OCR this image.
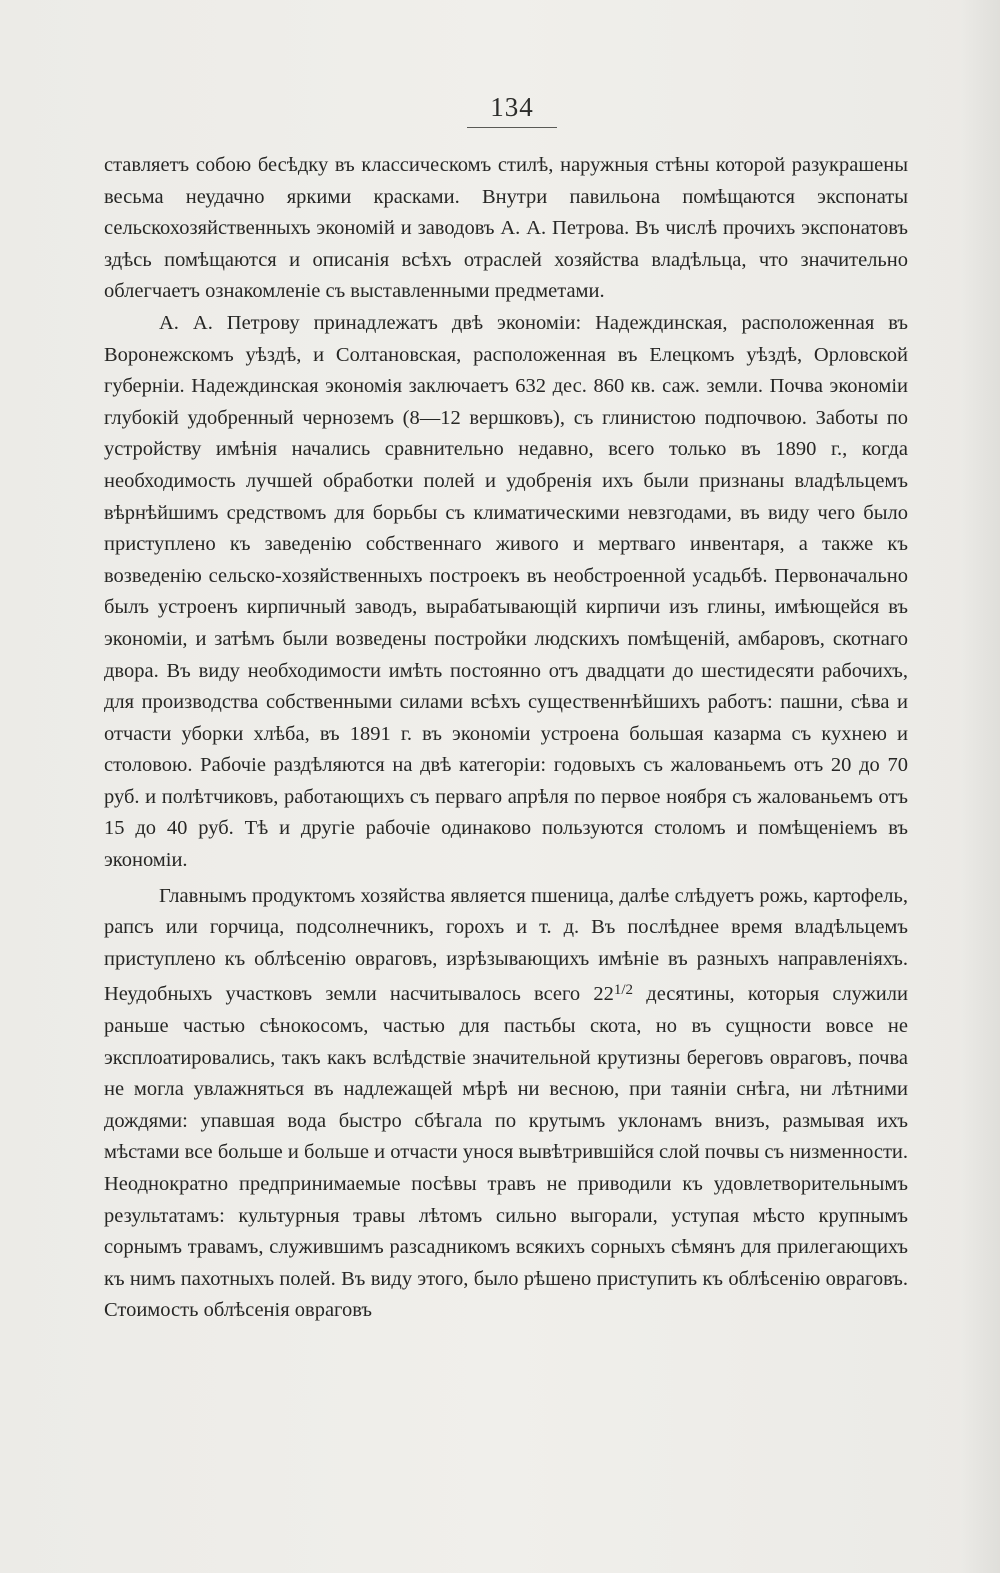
134

ставляетъ собою бесѣдку въ классическомъ стилѣ, наружныя стѣны которой разукрашены весьма неудачно яркими красками. Внутри павильона помѣщаются экспонаты сельскохозяйственныхъ экономій и заводовъ А. А. Петрова. Въ числѣ прочихъ экспонатовъ здѣсь помѣщаются и описанія всѣхъ отраслей хозяйства владѣльца, что значительно облегчаетъ ознакомленіе съ выставленными предметами.

А. А. Петрову принадлежатъ двѣ экономіи: Надеждинская, расположенная въ Воронежскомъ уѣздѣ, и Солтановская, расположенная въ Елецкомъ уѣздѣ, Орловской губерніи. Надеждинская экономія заключаетъ 632 дес. 860 кв. саж. земли. Почва экономіи глубокій удобренный черноземъ (8—12 вершковъ), съ глинистою подпочвою. Заботы по устройству имѣнія начались сравнительно недавно, всего только въ 1890 г., когда необходимость лучшей обработки полей и удобренія ихъ были признаны владѣльцемъ вѣрнѣйшимъ средствомъ для борьбы съ климатическими невзгодами, въ виду чего было приступлено къ заведенію собственнаго живого и мертваго инвентаря, а также къ возведенію сельско-хозяйственныхъ построекъ въ необстроенной усадьбѣ. Первоначально былъ устроенъ кирпичный заводъ, вырабатывающій кирпичи изъ глины, имѣющейся въ экономіи, и затѣмъ были возведены постройки людскихъ помѣщеній, амбаровъ, скотнаго двора. Въ виду необходимости имѣть постоянно отъ двадцати до шестидесяти рабочихъ, для производства собственными силами всѣхъ существеннѣйшихъ работъ: пашни, сѣва и отчасти уборки хлѣба, въ 1891 г. въ экономіи устроена большая казарма съ кухнею и столовою. Рабочіе раздѣляются на двѣ категоріи: годовыхъ съ жалованьемъ отъ 20 до 70 руб. и полѣтчиковъ, работающихъ съ перваго апрѣля по первое ноября съ жалованьемъ отъ 15 до 40 руб. Тѣ и другіе рабочіе одинаково пользуются столомъ и помѣщеніемъ въ экономіи.

Главнымъ продуктомъ хозяйства является пшеница, далѣе слѣдуетъ рожь, картофель, рапсъ или горчица, подсолнечникъ, горохъ и т. д. Въ послѣднее время владѣльцемъ приступлено къ облѣсенію овраговъ, изрѣзывающихъ имѣніе въ разныхъ направленіяхъ. Неудобныхъ участковъ земли насчитывалось всего $22^{1/2}$ десятины, которыя служили раньше частью сѣнокосомъ, частью для пастьбы скота, но въ сущности вовсе не эксплоатировались, такъ какъ вслѣдствіе значительной крутизны береговъ овраговъ, почва не могла увлажняться въ надлежащей мѣрѣ ни весною, при таяніи снѣга, ни лѣтними дождями: упавшая вода быстро сбѣгала по крутымъ уклонамъ внизъ, размывая ихъ мѣстами все больше и больше и отчасти унося вывѣтрившійся слой почвы съ низменности. Неоднократно предпринимаемые посѣвы травъ не приводили къ удовлетворительнымъ результатамъ: культурныя травы лѣтомъ сильно выгорали, уступая мѣсто крупнымъ сорнымъ травамъ, служившимъ разсадникомъ всякихъ сорныхъ сѣмянъ для прилегающихъ къ нимъ пахотныхъ полей. Въ виду этого, было рѣшено приступить къ облѣсенію овраговъ. Стоимость облѣсенія овраговъ
